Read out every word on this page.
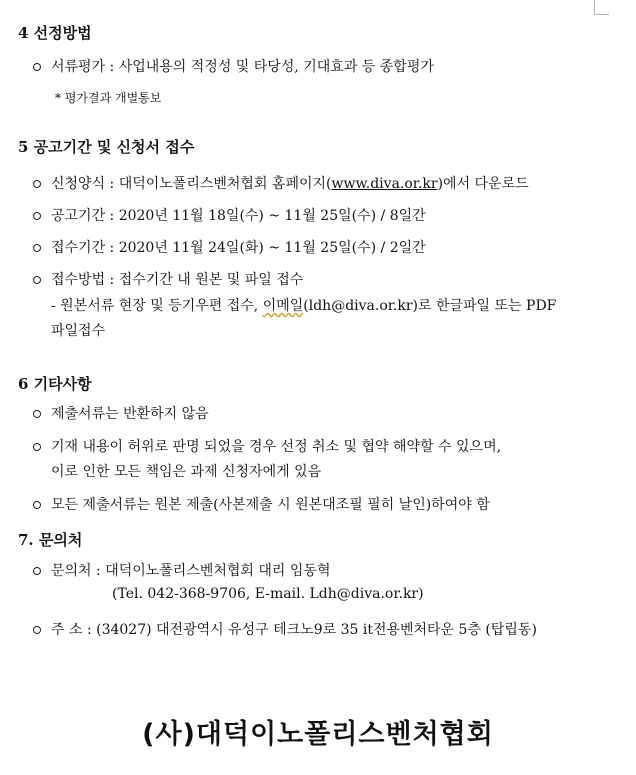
4 선정방법
서류평가 : 사업내용의 적정성 및 타당성, 기대효과 등 종합평가
* 평가결과 개별통보
5 공고기간 및 신청서 접수
신청양식 : 대덕이노폴리스벤처협회 홈페이지(www.diva.or.kr)에서 다운로드
공고기간 : 2020년 11월 18일(수) ~ 11월 25일(수) / 8일간
접수기간 : 2020년 11월 24일(화) ~ 11월 25일(수) / 2일간
접수방법 : 접수기간 내 원본 및 파일 접수
- 원본서류 현장 및 등기우편 접수, 이메일(ldh@diva.or.kr)로 한글파일 또는 PDF
파일접수
6 기타사항
제출서류는 반환하지 않음
기재 내용이 허위로 판명 되었을 경우 선정 취소 및 협약 해약할 수 있으며,
이로 인한 모든 책임은 과제 신청자에게 있음
모든 제출서류는 원본 제출(사본제출 시 원본대조필 필히 날인)하여야 함
7. 문의처
문의처 : 대덕이노폴리스벤처협회 대리 임동혁
(Tel. 042-368-9706, E-mail. Ldh@diva.or.kr)
주 소 : (34027) 대전광역시 유성구 테크노9로 35 it전용벤처타운 5층 (탑립동)
(사)대덕이노폴리스벤처협회
